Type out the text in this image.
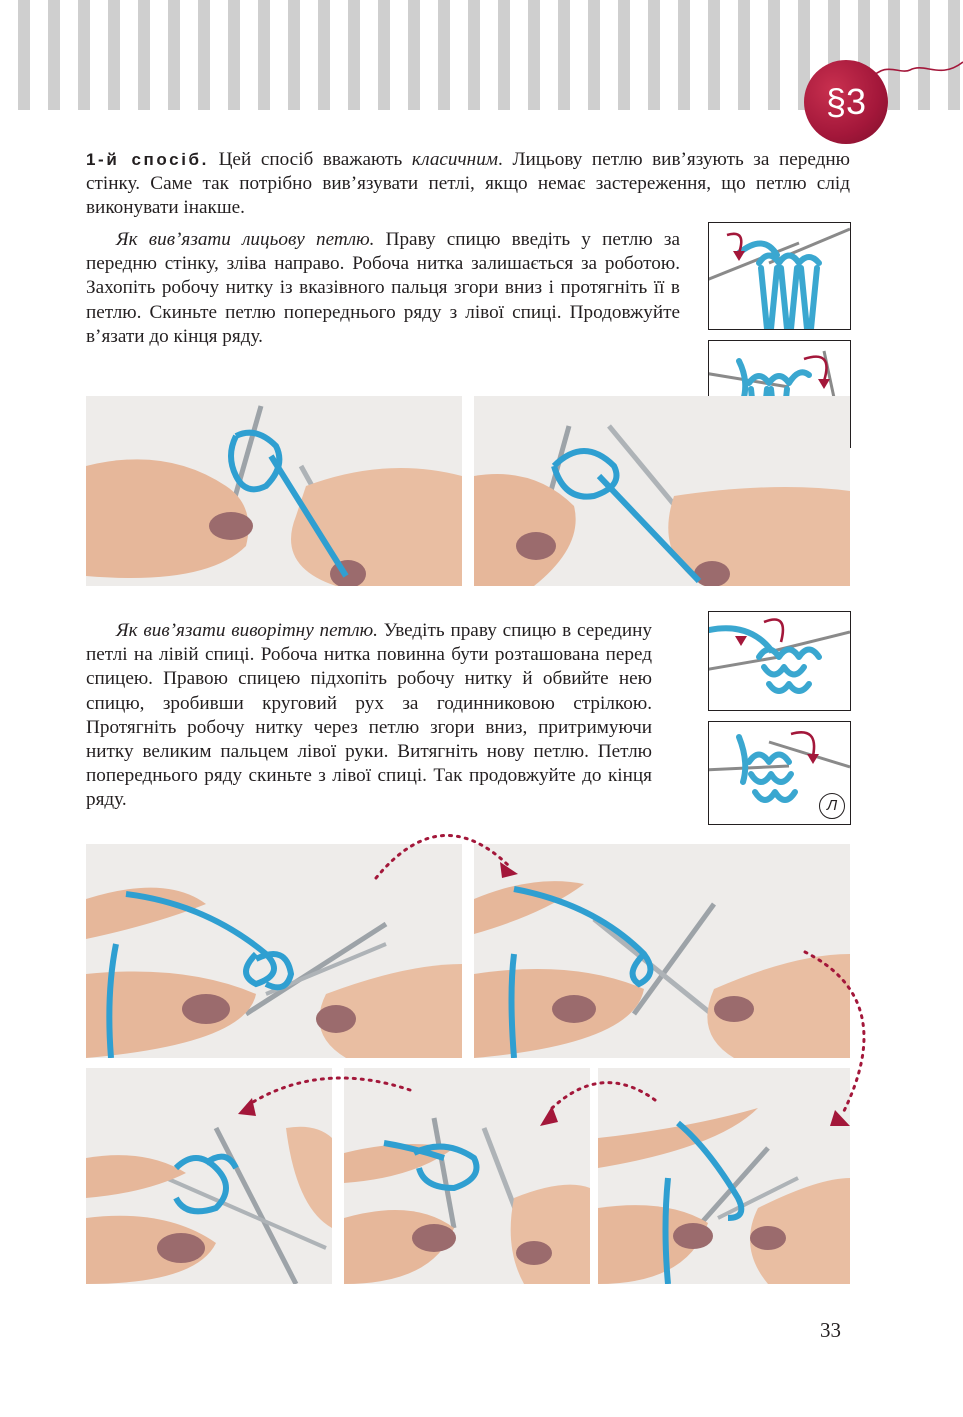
§3

1-й спосіб. Цей спосіб вважають класичним. Лицьову петлю вив’язують за передню стінку. Саме так потрібно вив’язувати петлі, якщо немає застереження, що петлю слід виконувати інакше.

Як вив’язати лицьову петлю. Праву спицю введіть у петлю за передню стінку, зліва направо. Робоча нитка залишається за роботою. Захопіть робочу нитку із вказівного пальця згори вниз і протягніть її в петлю. Скиньте петлю попереднього ряду з лівої спиці. Продовжуйте в’язати до кінця ряду.

Як вив’язати виворітну петлю. Уведіть праву спицю в середину петлі на лівій спиці. Робоча нитка повинна бути розташована перед спицею. Правою спицею підхопіть робочу нитку й обвийте нею спицю, зробивши круговий рух за годинниковою стрілкою. Протягніть робочу нитку через петлю згори вниз, притримуючи нитку великим пальцем лівої руки. Витягніть нову петлю. Петлю попереднього ряду скиньте з лівої спиці. Так продовжуйте до кінця ряду.	Л
33
